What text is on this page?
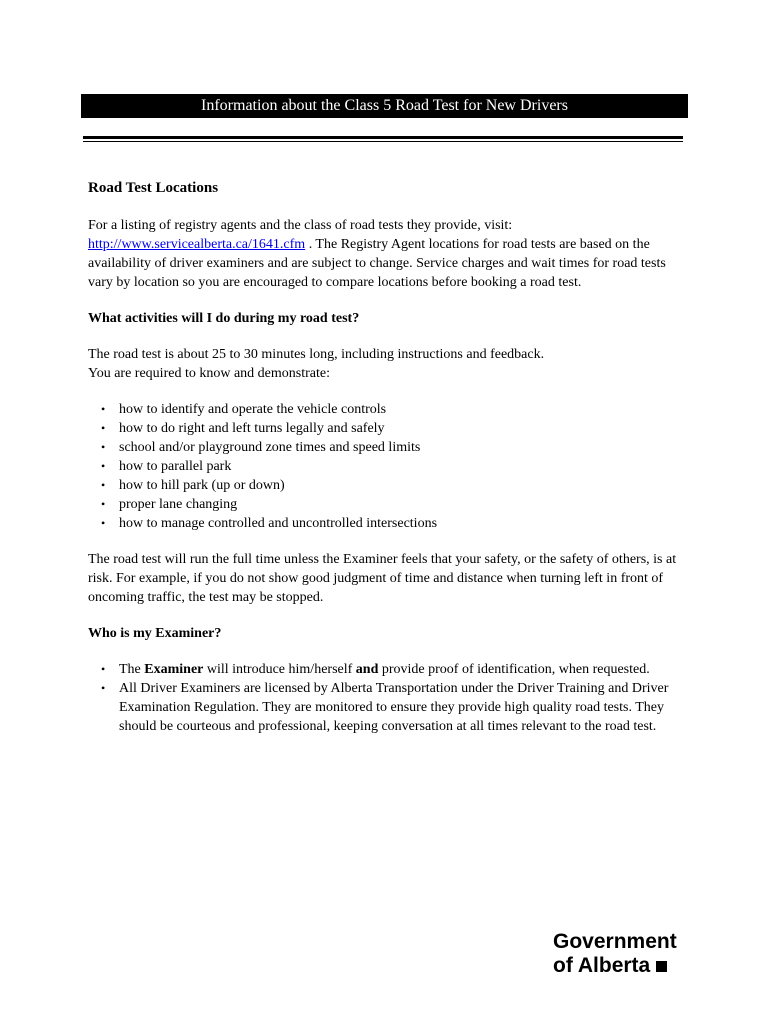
Information about the Class 5 Road Test for New Drivers
Road Test Locations

For a listing of registry agents and the class of road tests they provide, visit:
http://www.servicealberta.ca/1641.cfm . The Registry Agent locations for road tests are based on the availability of driver examiners and are subject to change. Service charges and wait times for road tests vary by location so you are encouraged to compare locations before booking a road test.

What activities will I do during my road test?

The road test is about 25 to 30 minutes long, including instructions and feedback.

You are required to know and demonstrate:

• how to identify and operate the vehicle controls
• how to do right and left turns legally and safely
• school and/or playground zone times and speed limits
• how to parallel park
• how to hill park (up or down)
• proper lane changing
• how to manage controlled and uncontrolled intersections

The road test will run the full time unless the Examiner feels that your safety, or the safety of others, is at risk. For example, if you do not show good judgment of time and distance when turning left in front of oncoming traffic, the test may be stopped.

Who is my Examiner?
• The Examiner will introduce him/herself and provide proof of identification, when requested.
• All Driver Examiners are licensed by Alberta Transportation under the Driver Training and Driver Examination Regulation. They are monitored to ensure they provide high quality road tests. They should be courteous and professional, keeping conversation at all times relevant to the road test.
Government
of Alberta
